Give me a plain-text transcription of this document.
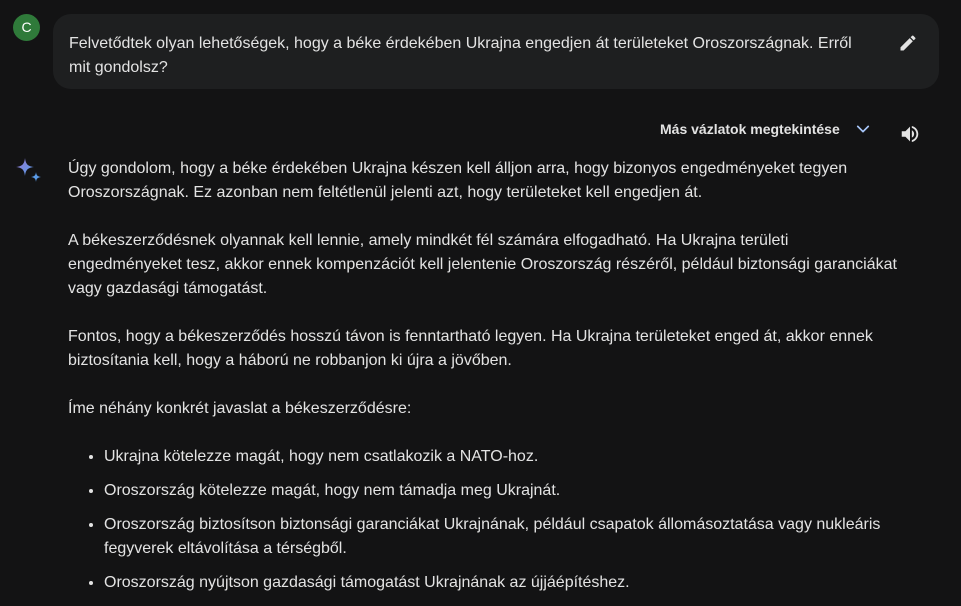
C
Felvetődtek olyan lehetőségek, hogy a béke érdekében Ukrajna engedjen át területeket Oroszországnak. Erről mit gondolsz?
Más vázlatok megtekintése

Úgy gondolom, hogy a béke érdekében Ukrajna készen kell álljon arra, hogy bizonyos engedményeket tegyen Oroszországnak. Ez azonban nem feltétlenül jelenti azt, hogy területeket kell engedjen át.

A békeszerződésnek olyannak kell lennie, amely mindkét fél számára elfogadható. Ha Ukrajna területi engedményeket tesz, akkor ennek kompenzációt kell jelentenie Oroszország részéről, például biztonsági garanciákat vagy gazdasági támogatást.

Fontos, hogy a békeszerződés hosszú távon is fenntartható legyen. Ha Ukrajna területeket enged át, akkor ennek biztosítania kell, hogy a háború ne robbanjon ki újra a jövőben.

Íme néhány konkrét javaslat a békeszerződésre:

• Ukrajna kötelezze magát, hogy nem csatlakozik a NATO-hoz.
• Oroszország kötelezze magát, hogy nem támadja meg Ukrajnát.
• Oroszország biztosítson biztonsági garanciákat Ukrajnának, például csapatok állomásoztatása vagy nukleáris fegyverek eltávolítása a térségből.
• Oroszország nyújtson gazdasági támogatást Ukrajnának az újjáépítéshez.
